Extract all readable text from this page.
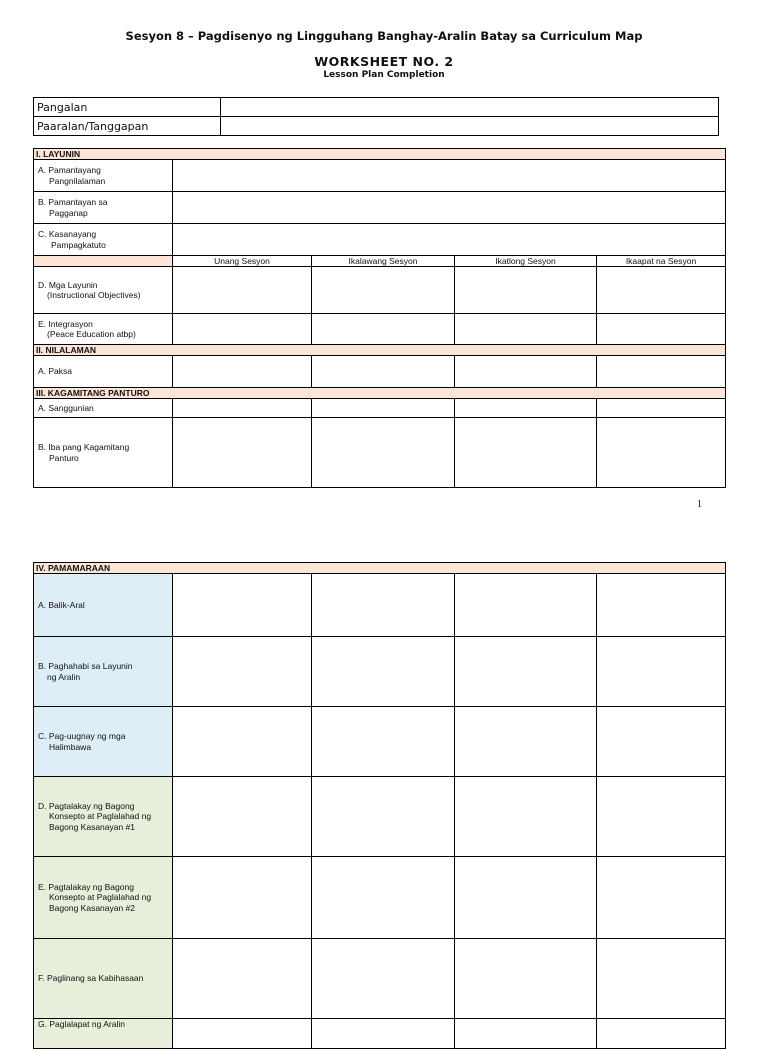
Sesyon 8 – Pagdisenyo ng Lingguhang Banghay-Aralin Batay sa Curriculum Map
WORKSHEET NO. 2
Lesson Plan Completion
Pangalan	
Paaralan/Tanggapan	
I. LAYUNIN				
A. Pamantayang
Pangnilalaman				
B. Pamantayan sa
Pagganap				
C. Kasanayang
Pampagkatuto				
	Unang Sesyon	Ikalawang Sesyon	Ikatlong Sesyon	Ikaapat na Sesyon
D. Mga Layunin
(Instructional Objectives)				
E. Integrasyon
(Peace Education atbp)				
II. NILALAMAN				
A. Paksa				
III. KAGAMITANG PANTURO				
A. Sanggunian				
B. Iba pang Kagamitang
Panturo				
1
IV. PAMAMARAAN				
A. Balik-Aral				
B. Paghahabi sa Layunin
ng Aralin				
C. Pag-uugnay ng mga
Halimbawa				
D. Pagtalakay ng Bagong
Konsepto at Paglalahad ng
Bagong Kasanayan #1				
E. Pagtalakay ng Bagong
Konsepto at Paglalahad ng
Bagong Kasanayan #2				
F. Paglinang sa Kabihasaan				
G. Paglalapat ng Aralin				
